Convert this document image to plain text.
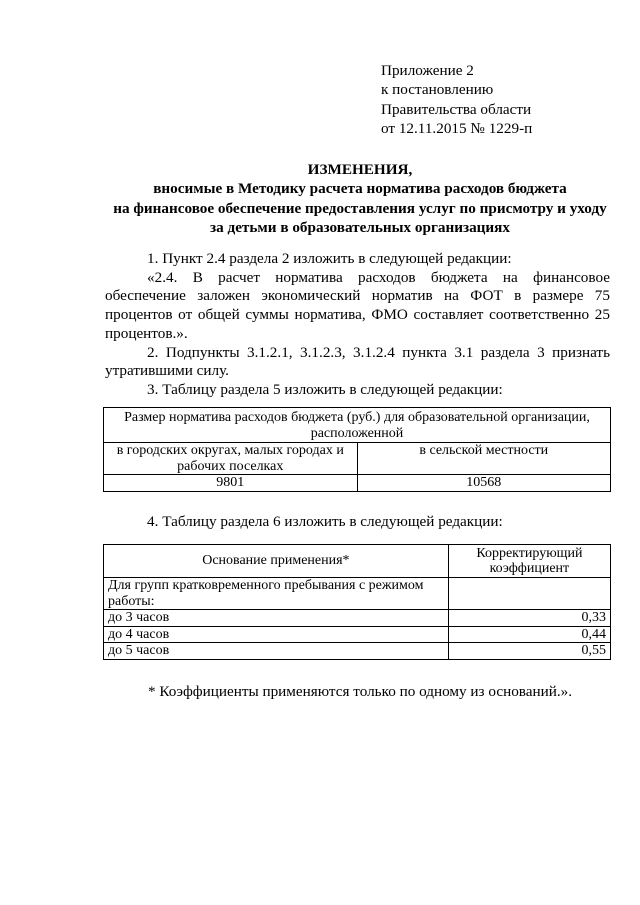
Приложение 2
к постановлению
Правительства области
от 12.11.2015 № 1229-п
ИЗМЕНЕНИЯ,
вносимые в Методику расчета норматива расходов бюджета
на финансовое обеспечение предоставления услуг по присмотру и уходу
за детьми в образовательных организациях

1. Пункт 2.4 раздела 2 изложить в следующей редакции:

«2.4. В расчет норматива расходов бюджета на финансовое обеспечение заложен экономический норматив на ФОТ в размере 75 процентов от общей суммы норматива, ФМО составляет соответственно 25 процентов.».

2. Подпункты 3.1.2.1, 3.1.2.3, 3.1.2.4 пункта 3.1 раздела 3 признать утратившими силу.

3. Таблицу раздела 5 изложить в следующей редакции:

Размер норматива расходов бюджета (руб.) для образовательной организации, расположенной	
в городских округах, малых городах и рабочих поселках	в сельской местности
9801	10568
4. Таблицу раздела 6 изложить в следующей редакции:
Основание применения*	Корректирующий коэффициент
Для групп кратковременного пребывания с режимом работы:	
до 3 часов	0,33
до 4 часов	0,44
до 5 часов	0,55
* Коэффициенты применяются только по одному из оснований.».
